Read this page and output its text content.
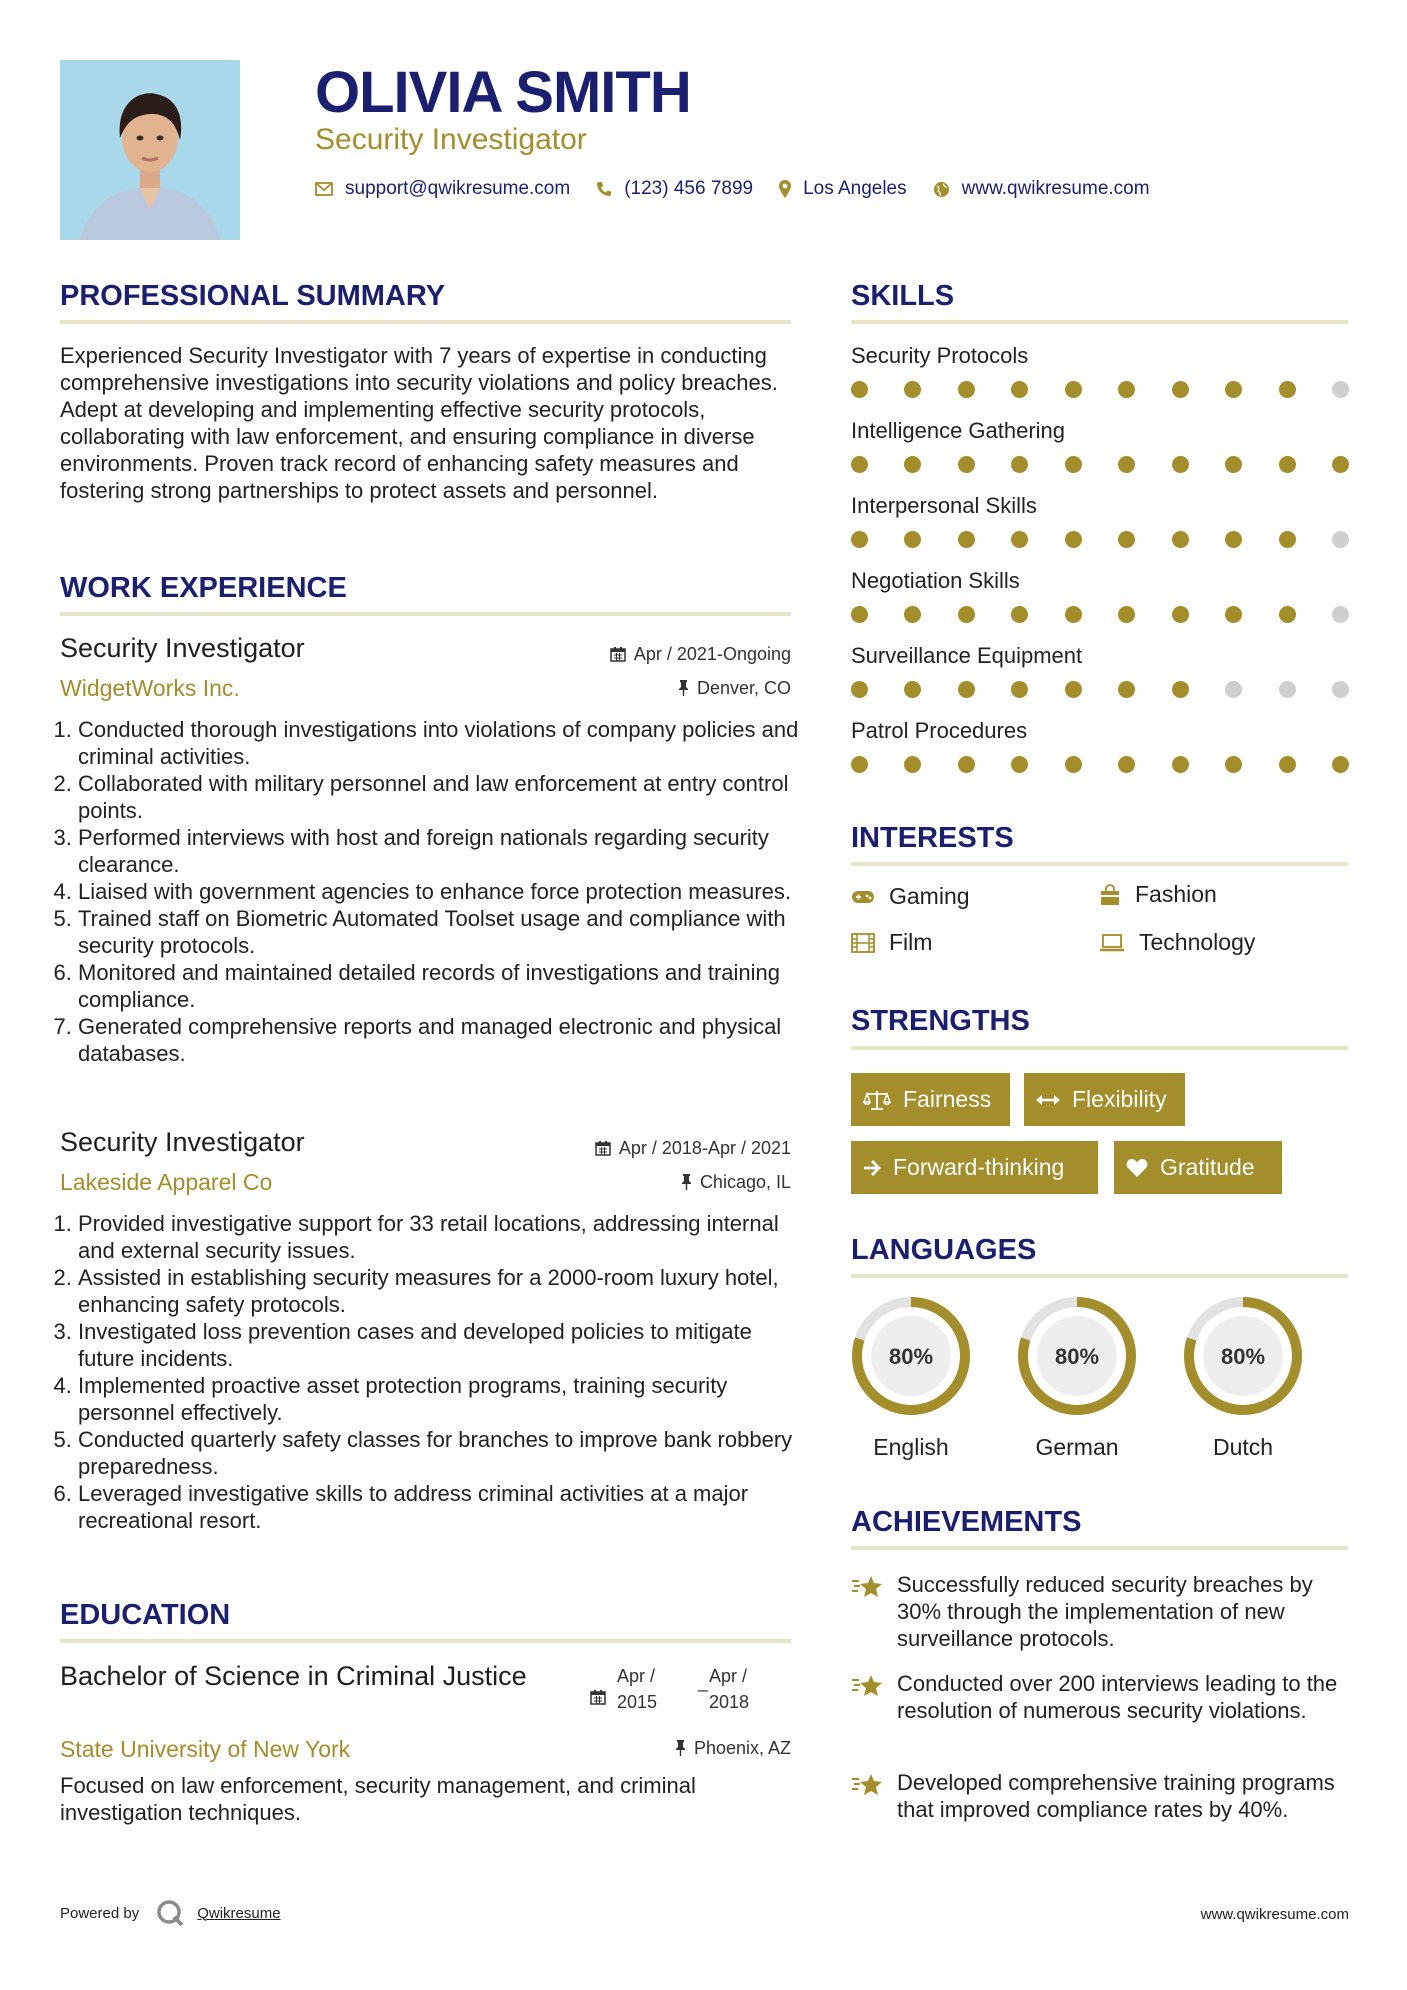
OLIVIA SMITH
Security Investigator
support@qwikresume.com	(123) 456 7899	Los Angeles	www.qwikresume.com
PROFESSIONAL SUMMARY
Experienced Security Investigator with 7 years of expertise in conducting comprehensive investigations into security violations and policy breaches. Adept at developing and implementing effective security protocols, collaborating with law enforcement, and ensuring compliance in diverse environments. Proven track record of enhancing safety measures and fostering strong partnerships to protect assets and personnel.
WORK EXPERIENCE
Security Investigator	Apr / 2021-Ongoing
WidgetWorks Inc.	Denver, CO
1. Conducted thorough investigations into violations of company policies and criminal activities.
2. Collaborated with military personnel and law enforcement at entry control points.
3. Performed interviews with host and foreign nationals regarding security clearance.
4. Liaised with government agencies to enhance force protection measures.
5. Trained staff on Biometric Automated Toolset usage and compliance with security protocols.
6. Monitored and maintained detailed records of investigations and training compliance.
7. Generated comprehensive reports and managed electronic and physical databases.
Security Investigator	Apr / 2018-Apr / 2021
Lakeside Apparel Co	Chicago, IL
1. Provided investigative support for 33 retail locations, addressing internal and external security issues.
2. Assisted in establishing security measures for a 2000-room luxury hotel, enhancing safety protocols.
3. Investigated loss prevention cases and developed policies to mitigate future incidents.
4. Implemented proactive asset protection programs, training security personnel effectively.
5. Conducted quarterly safety classes for branches to improve bank robbery preparedness.
6. Leveraged investigative skills to address criminal activities at a major recreational resort.
EDUCATION
Bachelor of Science in Criminal Justice	Apr /
2015
_ Apr /
2018
State University of New York	Phoenix, AZ
Focused on law enforcement, security management, and criminal investigation techniques.
SKILLS
Security Protocols
Intelligence Gathering
Interpersonal Skills
Negotiation Skills
Surveillance Equipment
Patrol Procedures
INTERESTS
Gaming	Fashion
Film	Technology
STRENGTHS
Fairness	Flexibility
Forward-thinking	Gratitude
LANGUAGES
80%
English
80%
German
80%
Dutch
ACHIEVEMENTS
Successfully reduced security breaches by 30% through the implementation of new surveillance protocols.
Conducted over 200 interviews leading to the resolution of numerous security violations.
Developed comprehensive training programs that improved compliance rates by 40%.
Powered by	Qwikresume	www.qwikresume.com
